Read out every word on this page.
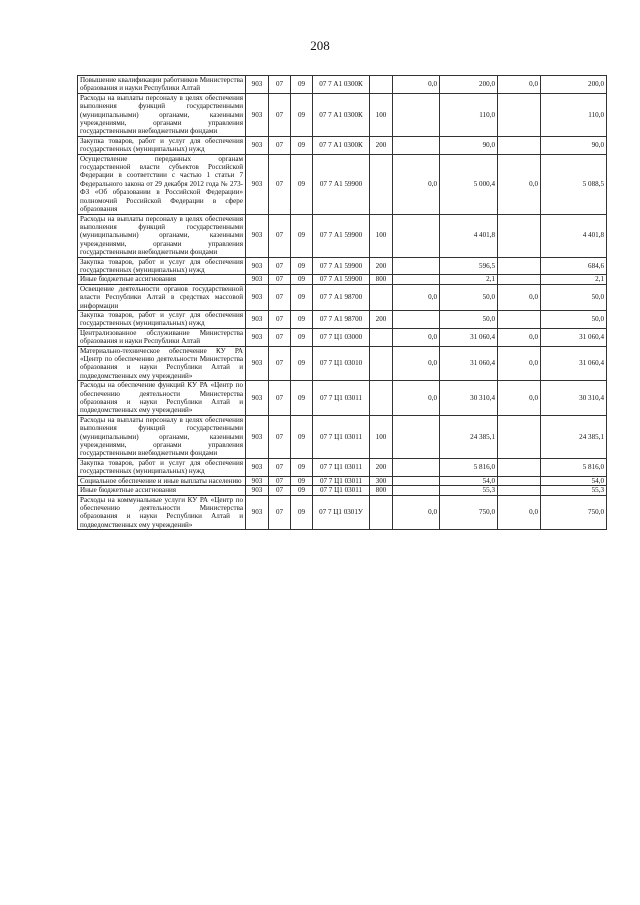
208
Повышение квалификации работников Министерства образования и науки Республики Алтай	903	07	09	07 7 А1 0300К		0,0	200,0	0,0	200,0
Расходы на выплаты персоналу в целях обеспечения выполнения функций государственными (муниципальными) органами, казенными учреждениями, органами управления государственными внебюджетными фондами	903	07	09	07 7 А1 0300К	100		110,0		110,0
Закупка товаров, работ и услуг для обеспечения государственных (муниципальных) нужд	903	07	09	07 7 А1 0300К	200		90,0		90,0
Осуществление переданных органам государственной власти субъектов Российской Федерации в соответствии с частью 1 статьи 7 Федерального закона от 29 декабря 2012 года № 273-ФЗ «Об образовании в Российской Федерации» полномочий Российской Федерации в сфере образования	903	07	09	07 7 А1 59900		0,0	5 000,4	0,0	5 088,5
Расходы на выплаты персоналу в целях обеспечения выполнения функций государственными (муниципальными) органами, казенными учреждениями, органами управления государственными внебюджетными фондами	903	07	09	07 7 А1 59900	100		4 401,8		4 401,8
Закупка товаров, работ и услуг для обеспечения государственных (муниципальных) нужд	903	07	09	07 7 А1 59900	200		596,5		684,6
Иные бюджетные ассигнования	903	07	09	07 7 А1 59900	800		2,1		2,1
Освещение деятельности органов государственной власти Республики Алтай в средствах массовой информации	903	07	09	07 7 А1 98700		0,0	50,0	0,0	50,0
Закупка товаров, работ и услуг для обеспечения государственных (муниципальных) нужд	903	07	09	07 7 А1 98700	200		50,0		50,0
Централизованное обслуживание Министерства образования и науки Республики Алтай	903	07	09	07 7 Ц1 03000		0,0	31 060,4	0,0	31 060,4
Материально-техническое обеспечение КУ РА «Центр по обеспечению деятельности Министерства образования и науки Республики Алтай и подведомственных ему учреждений»	903	07	09	07 7 Ц1 03010		0,0	31 060,4	0,0	31 060,4
Расходы на обеспечение функций КУ РА «Центр по обеспечению деятельности Министерства образования и науки Республики Алтай и подведомственных ему учреждений»	903	07	09	07 7 Ц1 03011		0,0	30 310,4	0,0	30 310,4
Расходы на выплаты персоналу в целях обеспечения выполнения функций государственными (муниципальными) органами, казенными учреждениями, органами управления государственными внебюджетными фондами	903	07	09	07 7 Ц1 03011	100		24 385,1		24 385,1
Закупка товаров, работ и услуг для обеспечения государственных (муниципальных) нужд	903	07	09	07 7 Ц1 03011	200		5 816,0		5 816,0
Социальное обеспечение и иные выплаты населению	903	07	09	07 7 Ц1 03011	300		54,0		54,0
Иные бюджетные ассигнования	903	07	09	07 7 Ц1 03011	800		55,3		55,3
Расходы на коммунальные услуги КУ РА «Центр по обеспечению деятельности Министерства образования и науки Республики Алтай и подведомственных ему учреждений»	903	07	09	07 7 Ц1 0301У		0,0	750,0	0,0	750,0
